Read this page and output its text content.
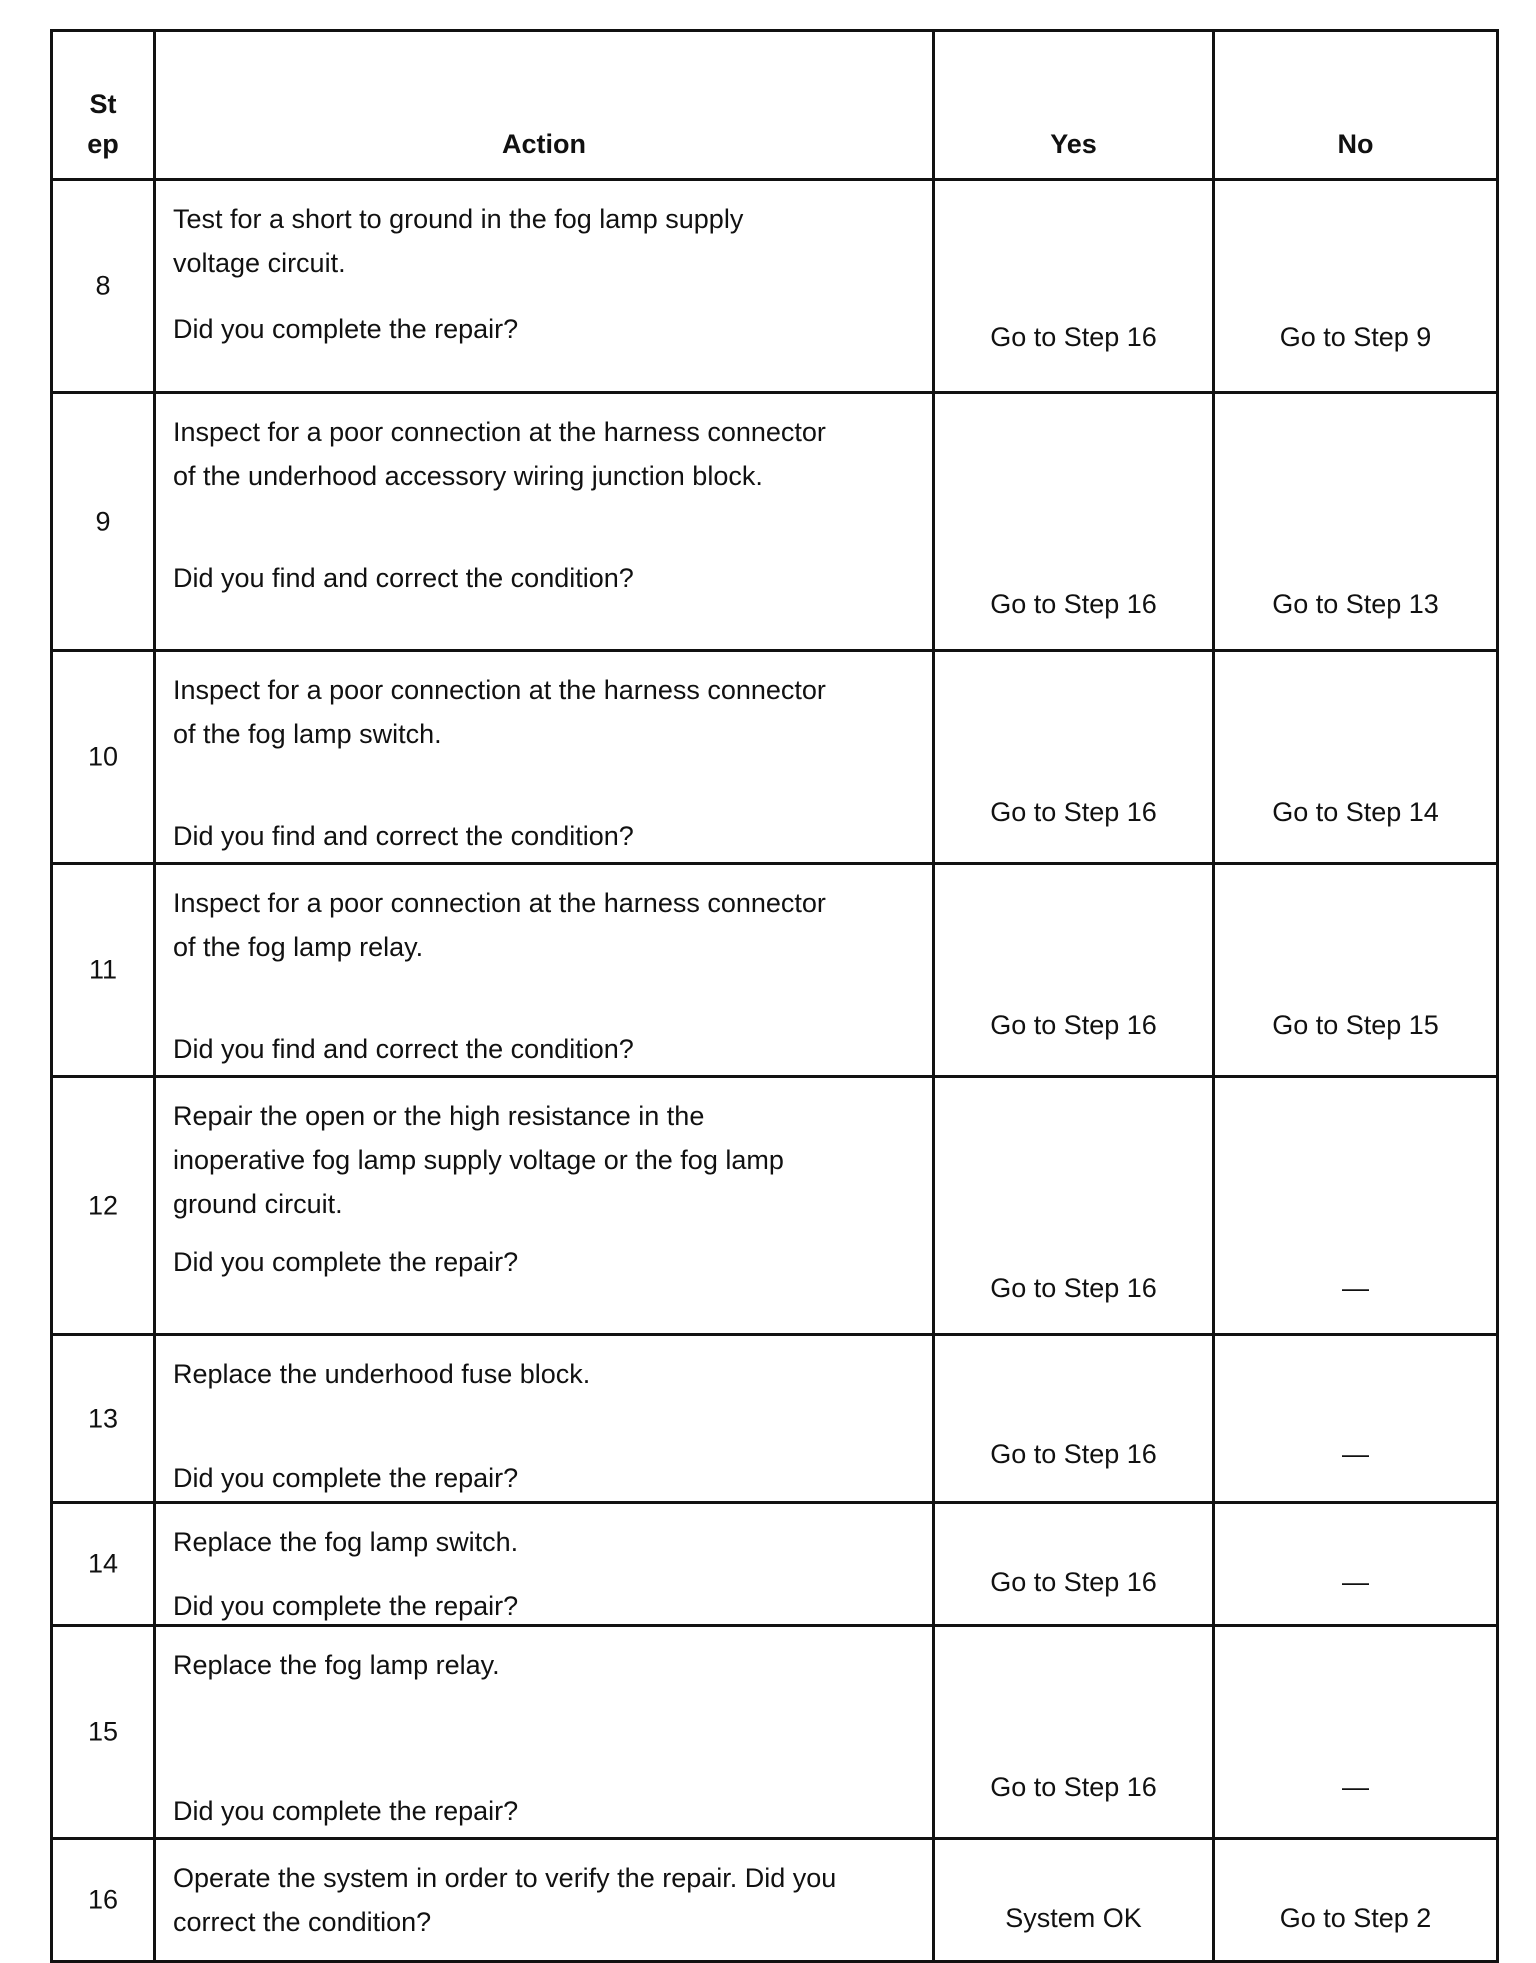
St
ep	Action	Yes	No

8	Test for a short to ground in the fog lamp supply
voltage circuit.
Did you complete the repair?	Go to Step 16	Go to Step 9

9	Inspect for a poor connection at the harness connector
of the underhood accessory wiring junction block.
Did you find and correct the condition?	Go to Step 16	Go to Step 13

10	Inspect for a poor connection at the harness connector
of the fog lamp switch.
Did you find and correct the condition?	Go to Step 16	Go to Step 14

11	Inspect for a poor connection at the harness connector
of the fog lamp relay.
Did you find and correct the condition?	Go to Step 16	Go to Step 15

12	Repair the open or the high resistance in the
inoperative fog lamp supply voltage or the fog lamp
ground circuit.
Did you complete the repair?	Go to Step 16	—

13	Replace the underhood fuse block.
Did you complete the repair?	Go to Step 16	—

14	Replace the fog lamp switch.
Did you complete the repair?	Go to Step 16	—

15	Replace the fog lamp relay.
Did you complete the repair?	Go to Step 16	—

16	Operate the system in order to verify the repair. Did you
correct the condition?	System OK	Go to Step 2
